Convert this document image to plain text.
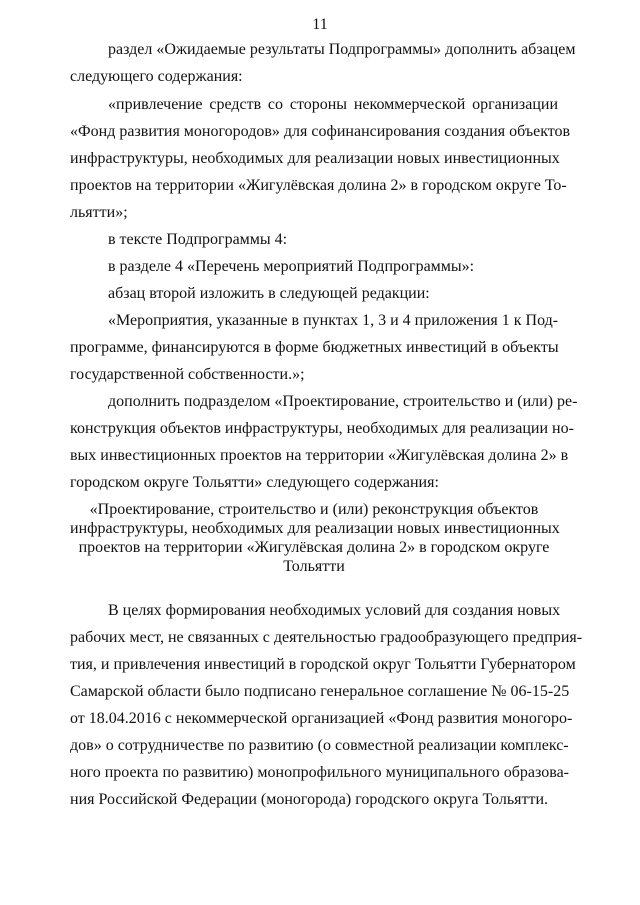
11
раздел «Ожидаемые результаты Подпрограммы» дополнить абзацем
следующего содержания:
«привлечение средств со стороны некоммерческой организации
«Фонд развития моногородов» для софинансирования создания объектов
инфраструктуры, необходимых для реализации новых инвестиционных
проектов на территории «Жигулёвская долина 2» в городском округе То-
льятти»;
в тексте Подпрограммы 4:
в разделе 4 «Перечень мероприятий Подпрограммы»:
абзац второй изложить в следующей редакции:
«Мероприятия, указанные в пунктах 1, 3 и 4 приложения 1 к Под-
программе, финансируются в форме бюджетных инвестиций в объекты
государственной собственности.»;
дополнить подразделом «Проектирование, строительство и (или) ре-
конструкция объектов инфраструктуры, необходимых для реализации но-
вых инвестиционных проектов на территории «Жигулёвская долина 2» в
городском округе Тольятти» следующего содержания:
«Проектирование, строительство и (или) реконструкция объектов
инфраструктуры, необходимых для реализации новых инвестиционных
проектов на территории «Жигулёвская долина 2» в городском округе
Тольятти
В целях формирования необходимых условий для создания новых
рабочих мест, не связанных с деятельностью градообразующего предприя-
тия, и привлечения инвестиций в городской округ Тольятти Губернатором
Самарской области было подписано генеральное соглашение № 06-15-25
от 18.04.2016 с некоммерческой организацией «Фонд развития моногоро-
дов» о сотрудничестве по развитию (о совместной реализации комплекс-
ного проекта по развитию) монопрофильного муниципального образова-
ния Российской Федерации (моногорода) городского округа Тольятти.
